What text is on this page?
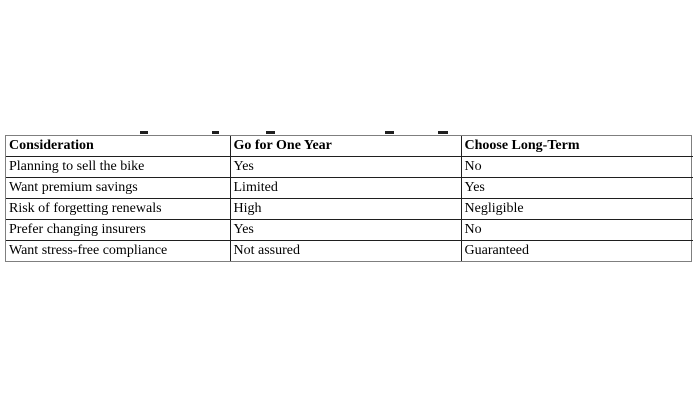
Consideration	Go for One Year	Choose Long-Term
Planning to sell the bike	Yes	No
Want premium savings	Limited	Yes
Risk of forgetting renewals	High	Negligible
Prefer changing insurers	Yes	No
Want stress-free compliance	Not assured	Guaranteed
